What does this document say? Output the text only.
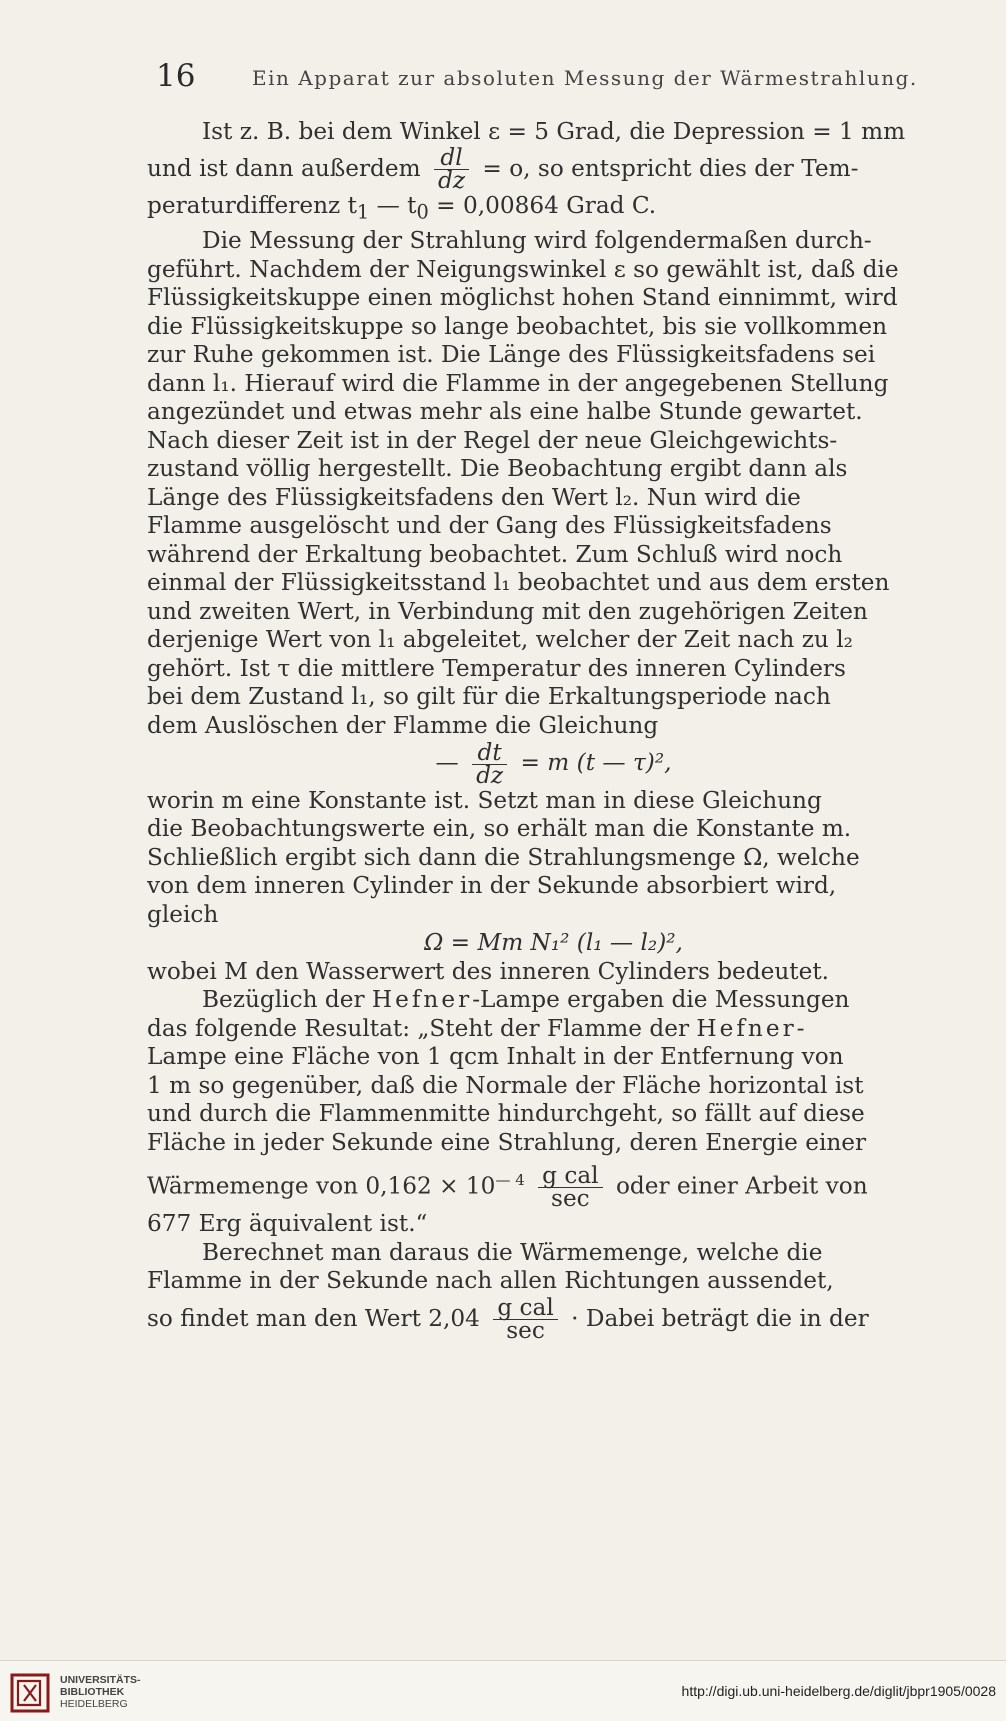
16	Ein Apparat zur absoluten Messung der Wärmestrahlung.

Ist z. B. bei dem Winkel ε = 5 Grad, die Depression = 1 mm
und ist dann außerdem $\frac{dl}{dz} = o$, so entspricht dies der Tem-
peraturdifferenz $t_1$ — $t_0 = 0,00864$ Grad C.

Die Messung der Strahlung wird folgendermaßen durch-
geführt. Nachdem der Neigungswinkel ε so gewählt ist, daß die
Flüssigkeitskuppe einen möglichst hohen Stand einnimmt, wird
die Flüssigkeitskuppe so lange beobachtet, bis sie vollkommen
zur Ruhe gekommen ist. Die Länge des Flüssigkeitsfadens sei
dann l₁. Hierauf wird die Flamme in der angegebenen Stellung
angezündet und etwas mehr als eine halbe Stunde gewartet.
Nach dieser Zeit ist in der Regel der neue Gleichgewichts-
zustand völlig hergestellt. Die Beobachtung ergibt dann als
Länge des Flüssigkeitsfadens den Wert l₂. Nun wird die
Flamme ausgelöscht und der Gang des Flüssigkeitsfadens
während der Erkaltung beobachtet. Zum Schluß wird noch
einmal der Flüssigkeitsstand l₁ beobachtet und aus dem ersten
und zweiten Wert, in Verbindung mit den zugehörigen Zeiten
derjenige Wert von l₁ abgeleitet, welcher der Zeit nach zu l₂
gehört. Ist τ die mittlere Temperatur des inneren Cylinders
bei dem Zustand l₁, so gilt für die Erkaltungsperiode nach
dem Auslöschen der Flamme die Gleichung
— $\frac{dt}{dz} = m$ (t — τ)²,
worin m eine Konstante ist. Setzt man in diese Gleichung
die Beobachtungswerte ein, so erhält man die Konstante m.
Schließlich ergibt sich dann die Strahlungsmenge Ω, welche
von dem inneren Cylinder in der Sekunde absorbiert wird,
gleich
Ω = Mm N₁² (l₁ — l₂)²,
wobei M den Wasserwert des inneren Cylinders bedeutet.

Bezüglich der Hefner-Lampe ergaben die Messungen
das folgende Resultat: „Steht der Flamme der Hefner-
Lampe eine Fläche von 1 qcm Inhalt in der Entfernung von
1 m so gegenüber, daß die Normale der Fläche horizontal ist
und durch die Flammenmitte hindurchgeht, so fällt auf diese
Fläche in jeder Sekunde eine Strahlung, deren Energie einer
Wärmemenge von $0,162 \times 10^{— 4} \frac{\text{g cal}}{\sec}$ oder einer Arbeit von
677 Erg äquivalent ist.“

Berechnet man daraus die Wärmemenge, welche die
Flamme in der Sekunde nach allen Richtungen aussendet,
so findet man den Wert $2,04 \frac{\text{g cal}}{\sec}$ · Dabei beträgt die in der

UNIVERSITÄTS-
BIBLIOTHEK
HEIDELBERG
http://digi.ub.uni-heidelberg.de/diglit/jbpr1905/0028
